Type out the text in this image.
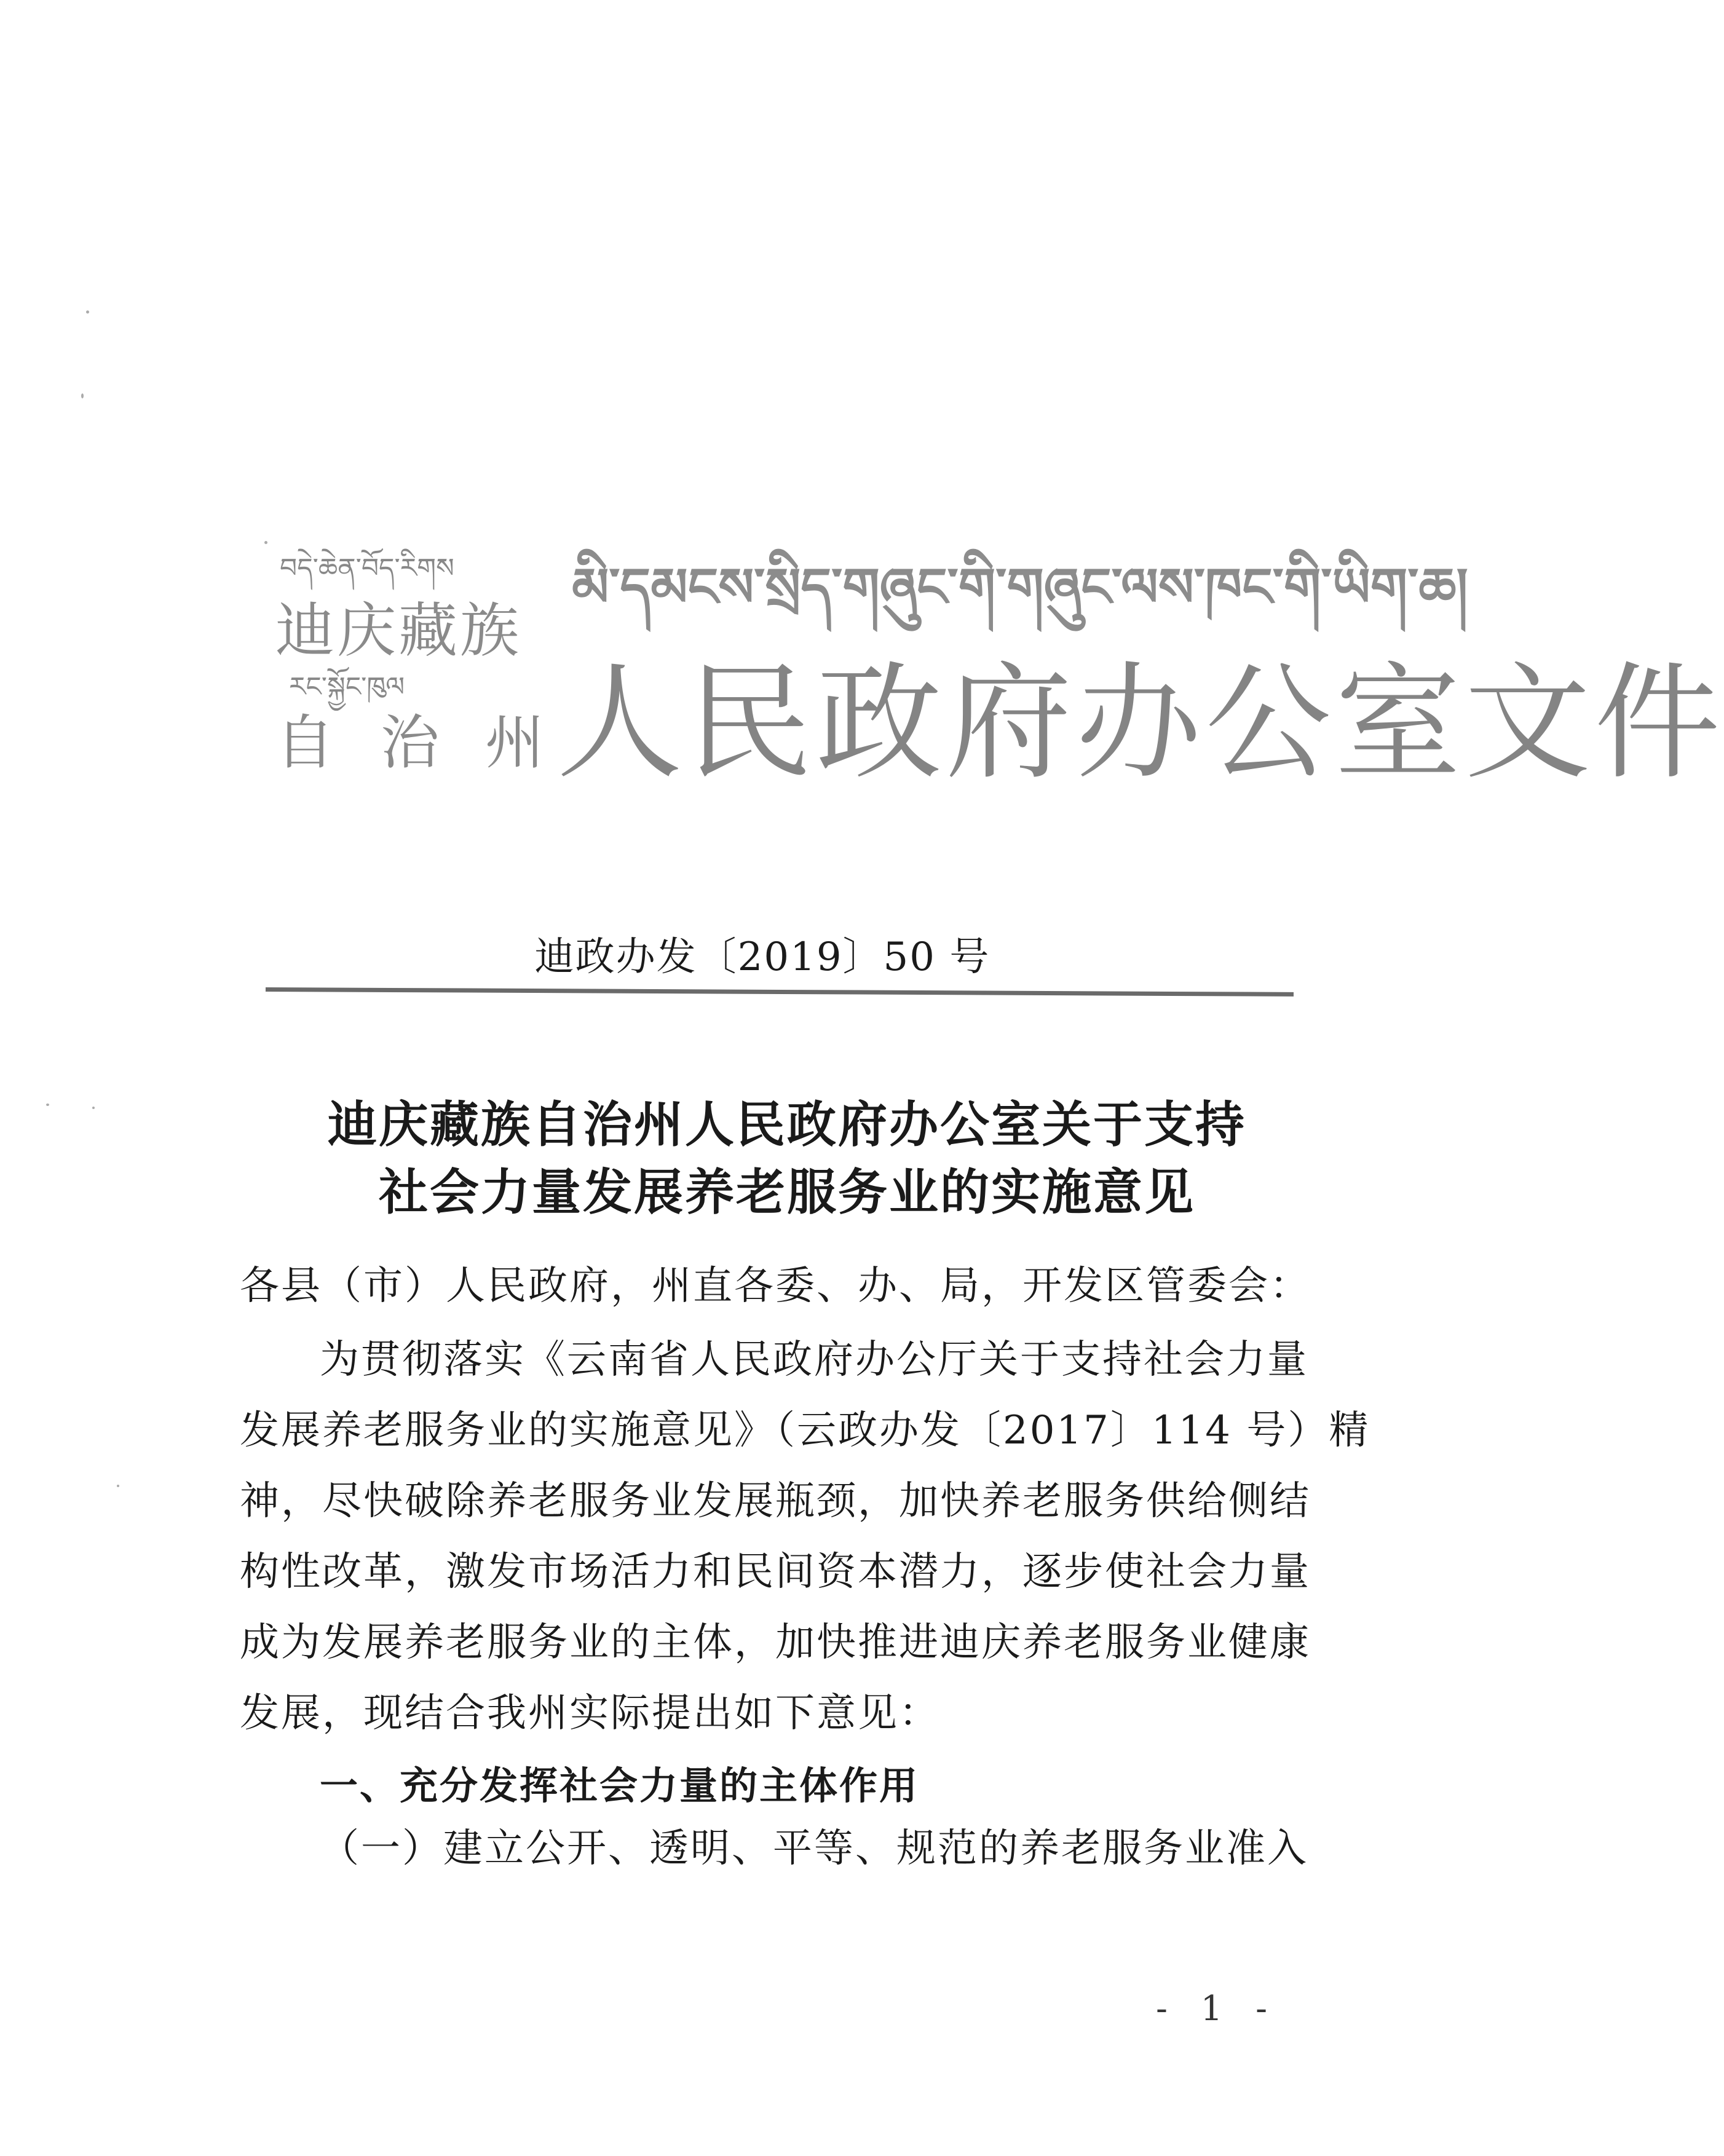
བདེ་ཆེན་བོད་རིགས
迪庆藏族
རང་སྐྱོང་ཁུལ
自 治 州
མི་དམངས་སྲིད་གཞུང་གི་གཞུང་ལས་ཁང་གི་ཡིག་ཆ།
人民政府办公室文件
迪政办发〔2019〕50 号
迪庆藏族自治州人民政府办公室关于支持
社会力量发展养老服务业的实施意见
各县（市）人民政府，州直各委、办、局，开发区管委会：
为贯彻落实《云南省人民政府办公厅关于支持社会力量
发展养老服务业的实施意见》（云政办发〔2017〕114 号）精
神，尽快破除养老服务业发展瓶颈，加快养老服务供给侧结
构性改革，激发市场活力和民间资本潜力，逐步使社会力量
成为发展养老服务业的主体，加快推进迪庆养老服务业健康
发展，现结合我州实际提出如下意见：
一、充分发挥社会力量的主体作用
（一）建立公开、透明、平等、规范的养老服务业准入
- 1 -
